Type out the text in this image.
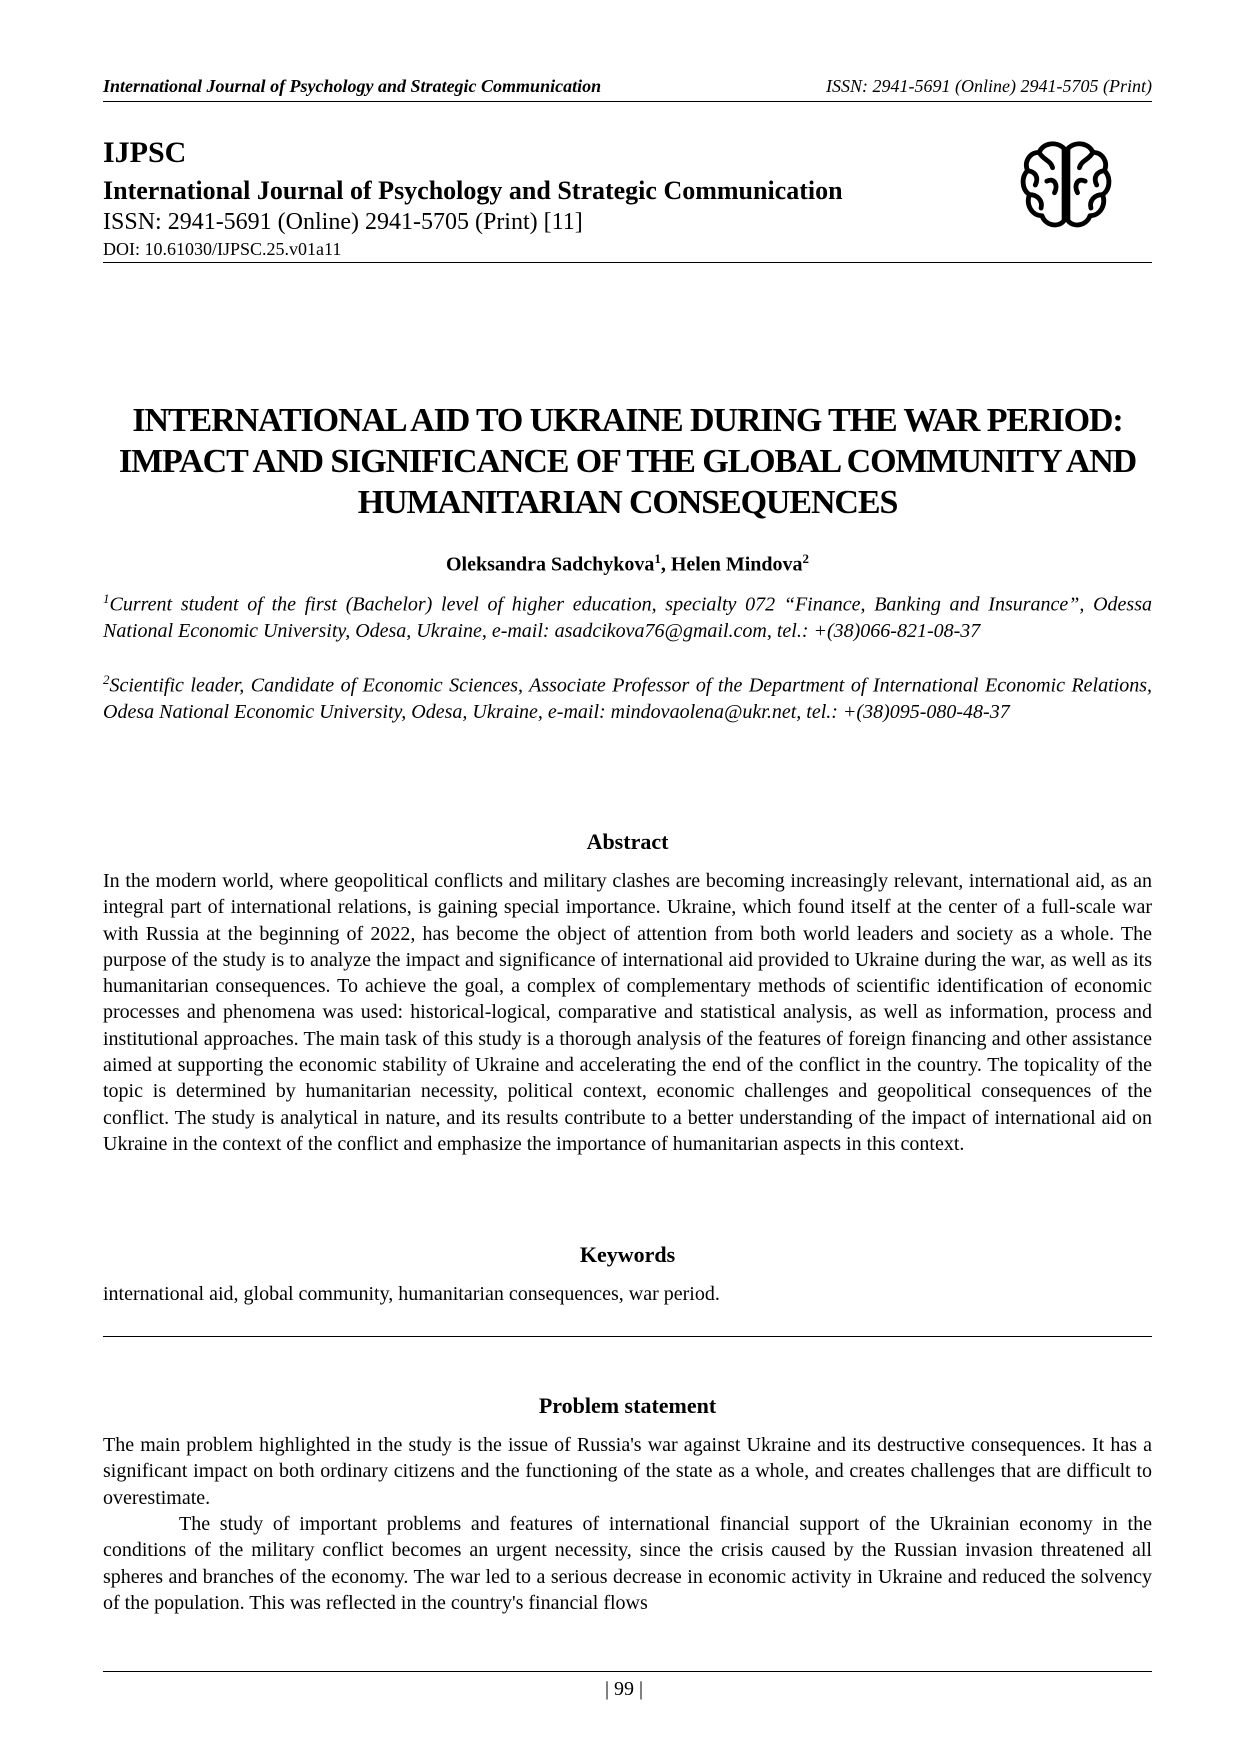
International Journal of Psychology and Strategic Communication	ISSN: 2941-5691 (Online) 2941-5705 (Print)
IJPSC
International Journal of Psychology and Strategic Communication
ISSN: 2941-5691 (Online) 2941-5705 (Print) [11]
DOI: 10.61030/IJPSC.25.v01a11
INTERNATIONAL AID TO UKRAINE DURING THE WAR PERIOD: IMPACT AND SIGNIFICANCE OF THE GLOBAL COMMUNITY AND HUMANITARIAN CONSEQUENCES
Oleksandra Sadchykova$^1$, Helen Mindova$^2$
$^1$Current student of the first (Bachelor) level of higher education, specialty 072 “Finance, Banking and Insurance”, Odessa National Economic University, Odesa, Ukraine, e-mail: asadcikova76@gmail.com, tel.: +(38)066-821-08-37
$^2$Scientific leader, Candidate of Economic Sciences, Associate Professor of the Department of International Economic Relations, Odesa National Economic University, Odesa, Ukraine, e-mail: mindovaolena@ukr.net, tel.: +(38)095-080-48-37
Abstract
In the modern world, where geopolitical conflicts and military clashes are becoming increasingly relevant, international aid, as an integral part of international relations, is gaining special importance. Ukraine, which found itself at the center of a full-scale war with Russia at the beginning of 2022, has become the object of attention from both world leaders and society as a whole. The purpose of the study is to analyze the impact and significance of international aid provided to Ukraine during the war, as well as its humanitarian consequences. To achieve the goal, a complex of complementary methods of scientific identification of economic processes and phenomena was used: historical-logical, comparative and statistical analysis, as well as information, process and institutional approaches. The main task of this study is a thorough analysis of the features of foreign financing and other assistance aimed at supporting the economic stability of Ukraine and accelerating the end of the conflict in the country. The topicality of the topic is determined by humanitarian necessity, political context, economic challenges and geopolitical consequences of the conflict. The study is analytical in nature, and its results contribute to a better understanding of the impact of international aid on Ukraine in the context of the conflict and emphasize the importance of humanitarian aspects in this context.
Keywords
international aid, global community, humanitarian consequences, war period.
Problem statement
The main problem highlighted in the study is the issue of Russia's war against Ukraine and its destructive consequences. It has a significant impact on both ordinary citizens and the functioning of the state as a whole, and creates challenges that are difficult to overestimate.
The study of important problems and features of international financial support of the Ukrainian economy in the conditions of the military conflict becomes an urgent necessity, since the crisis caused by the Russian invasion threatened all spheres and branches of the economy. The war led to a serious decrease in economic activity in Ukraine and reduced the solvency of the population. This was reflected in the country's financial flows
| 99 |
